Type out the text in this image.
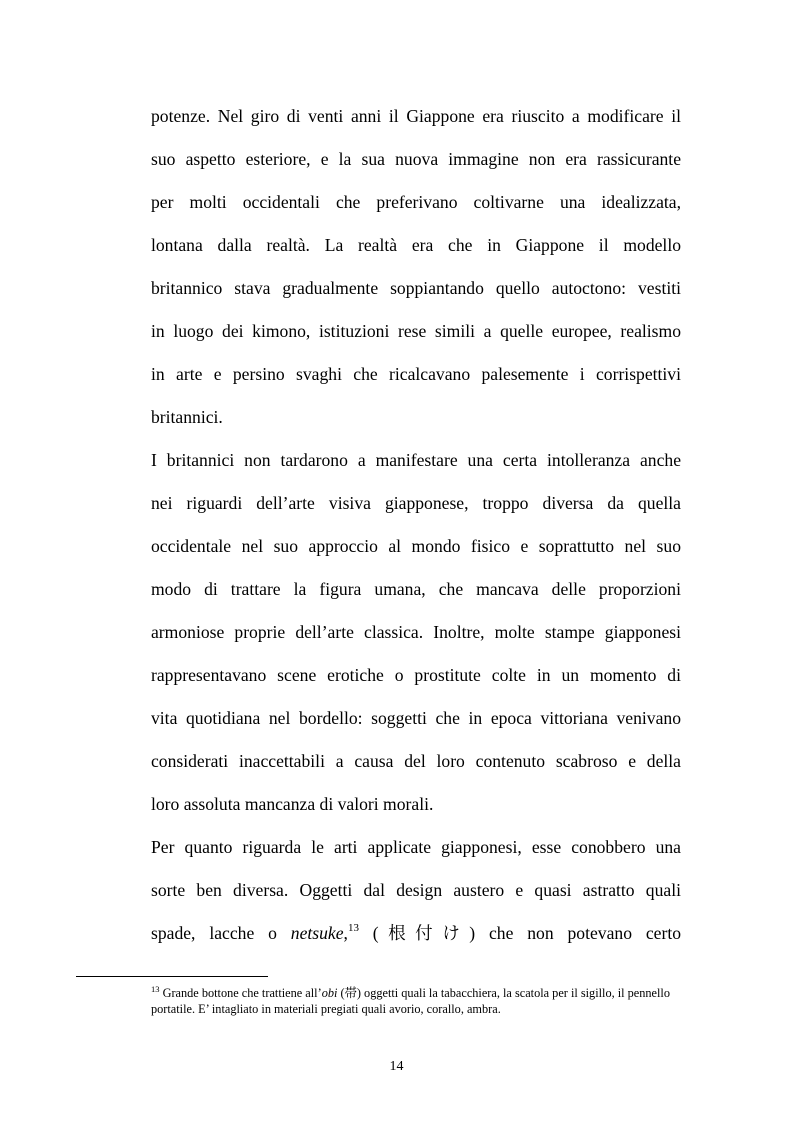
potenze. Nel giro di venti anni il Giappone era riuscito a modificare il
suo aspetto esteriore, e la sua nuova immagine non era rassicurante
per molti occidentali che preferivano coltivarne una idealizzata,
lontana dalla realtà. La realtà era che in Giappone il modello
britannico stava gradualmente soppiantando quello autoctono: vestiti
in luogo dei kimono, istituzioni rese simili a quelle europee, realismo
in arte e persino svaghi che ricalcavano palesemente i corrispettivi
britannici.
I britannici non tardarono a manifestare una certa intolleranza anche
nei riguardi dell’arte visiva giapponese, troppo diversa da quella
occidentale nel suo approccio al mondo fisico e soprattutto nel suo
modo di trattare la figura umana, che mancava delle proporzioni
armoniose proprie dell’arte classica. Inoltre, molte stampe giapponesi
rappresentavano scene erotiche o prostitute colte in un momento di
vita quotidiana nel bordello: soggetti che in epoca vittoriana venivano
considerati inaccettabili a causa del loro contenuto scabroso e della
loro assoluta mancanza di valori morali.
Per quanto riguarda le arti applicate giapponesi, esse conobbero una
sorte ben diversa. Oggetti dal design austero e quasi astratto quali
spade, lacche o netsuke,$^{13}$ (根付け) che non potevano certo
$^{13}$ Grande bottone che trattiene all’obi (帯) oggetti quali la tabacchiera, la scatola per il sigillo, il pennello
portatile. E’ intagliato in materiali pregiati quali avorio, corallo, ambra.
14
